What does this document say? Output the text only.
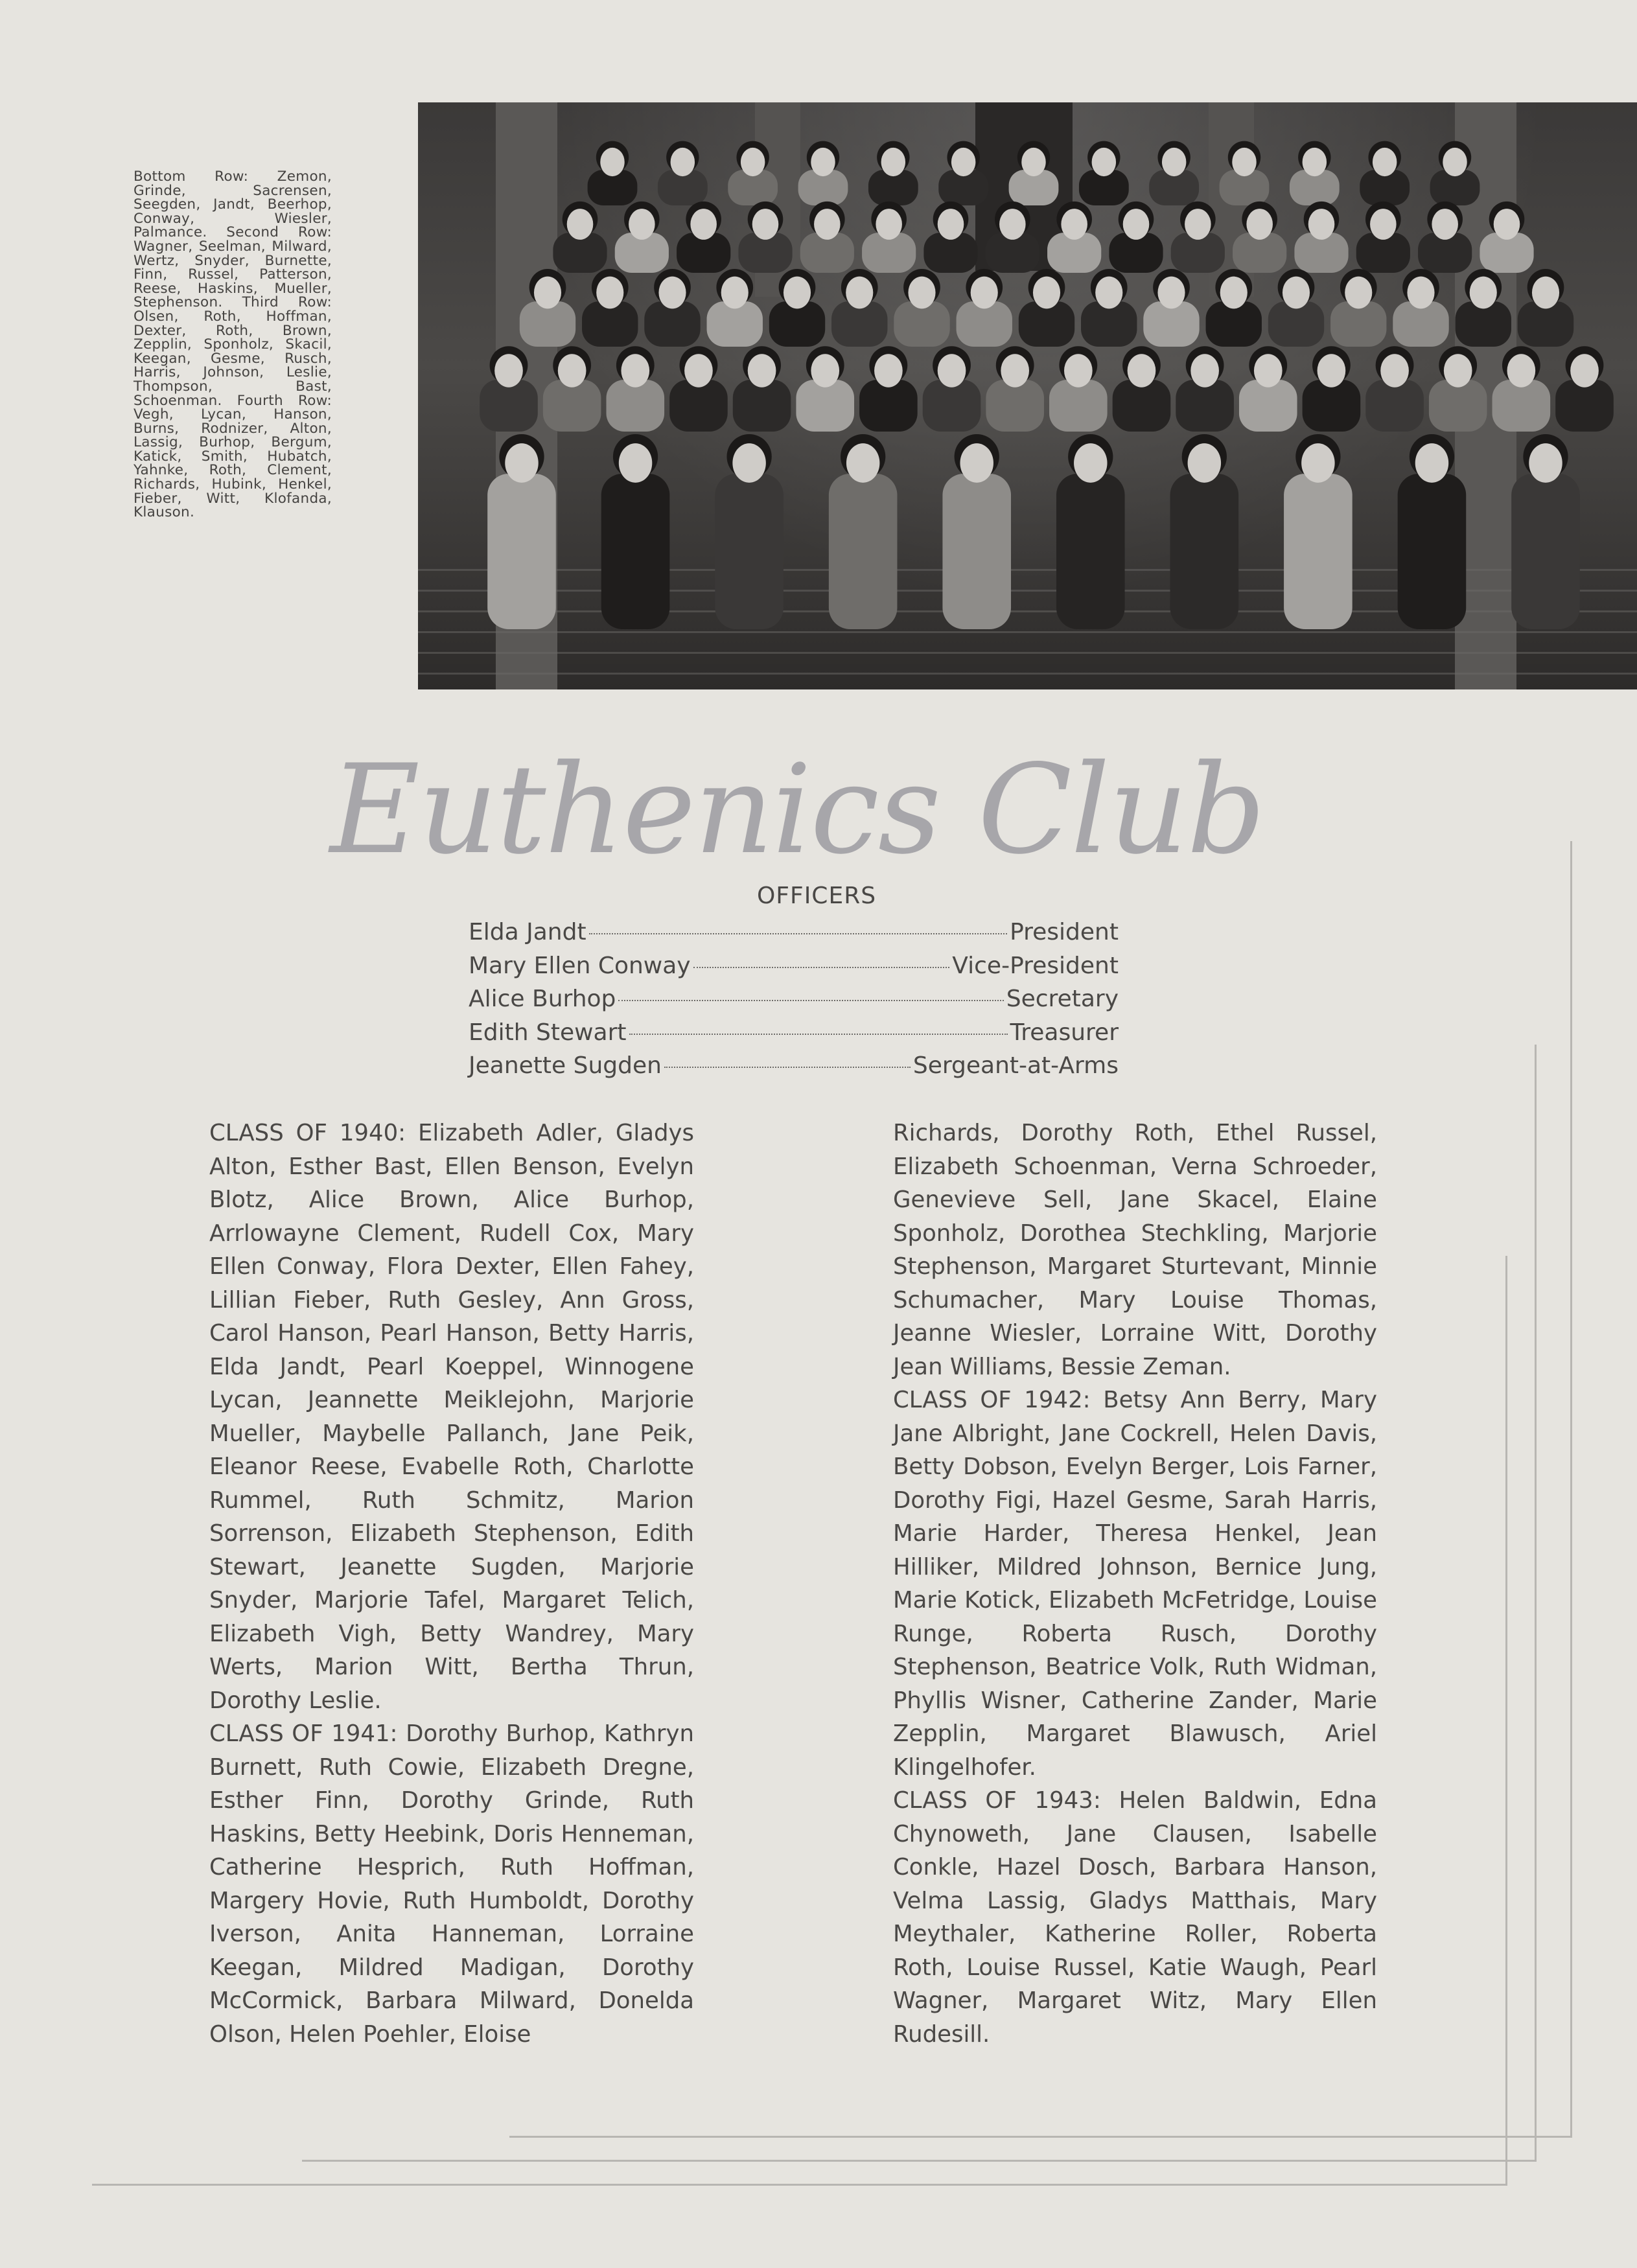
Bottom Row: Zemon, Grinde, Sacrensen, Seegden, Jandt, Beerhop, Conway, Wiesler, Palmance. Second Row: Wagner, Seelman, Milward, Wertz, Snyder, Burnette, Finn, Russel, Patterson, Reese, Haskins, Mueller, Stephenson. Third Row: Olsen, Roth, Hoffman, Dexter, Roth, Brown, Zepplin, Sponholz, Skacil, Keegan, Gesme, Rusch, Harris, Johnson, Leslie, Thompson, Bast, Schoenman. Fourth Row: Vegh, Lycan, Hanson, Burns, Rodnizer, Alton, Lassig, Burhop, Bergum, Katick, Smith, Hubatch, Yahnke, Roth, Clement, Richards, Hubink, Henkel, Fieber, Witt, Klofanda, Klauson.
Euthenics Club
OFFICERS
Elda Jandt	President
Mary Ellen Conway	Vice-President
Alice Burhop	Secretary
Edith Stewart	Treasurer
Jeanette Sugden	Sergeant-at-Arms

CLASS OF 1940: Elizabeth Adler, Gladys Alton, Esther Bast, Ellen Benson, Evelyn Blotz, Alice Brown, Alice Burhop, Arrlowayne Clement, Rudell Cox, Mary Ellen Conway, Flora Dexter, Ellen Fahey, Lillian Fieber, Ruth Gesley, Ann Gross, Carol Hanson, Pearl Hanson, Betty Harris, Elda Jandt, Pearl Koeppel, Winnogene Lycan, Jeannette Meiklejohn, Marjorie Mueller, Maybelle Pallanch, Jane Peik, Eleanor Reese, Evabelle Roth, Charlotte Rummel, Ruth Schmitz, Marion Sorrenson, Elizabeth Stephenson, Edith Stewart, Jeanette Sugden, Marjorie Snyder, Marjorie Tafel, Margaret Telich, Elizabeth Vigh, Betty Wandrey, Mary Werts, Marion Witt, Bertha Thrun, Dorothy Leslie.

CLASS OF 1941: Dorothy Burhop, Kathryn Burnett, Ruth Cowie, Elizabeth Dregne, Esther Finn, Dorothy Grinde, Ruth Haskins, Betty Heebink, Doris Henneman, Catherine Hesprich, Ruth Hoffman, Margery Hovie, Ruth Humboldt, Dorothy Iverson, Anita Hanneman, Lorraine Keegan, Mildred Madigan, Dorothy McCormick, Barbara Milward, Donelda Olson, Helen Poehler, Eloise

Richards, Dorothy Roth, Ethel Russel, Elizabeth Schoenman, Verna Schroeder, Genevieve Sell, Jane Skacel, Elaine Sponholz, Dorothea Stechkling, Marjorie Stephenson, Margaret Sturtevant, Minnie Schumacher, Mary Louise Thomas, Jeanne Wiesler, Lorraine Witt, Dorothy Jean Williams, Bessie Zeman.

CLASS OF 1942: Betsy Ann Berry, Mary Jane Albright, Jane Cockrell, Helen Davis, Betty Dobson, Evelyn Berger, Lois Farner, Dorothy Figi, Hazel Gesme, Sarah Harris, Marie Harder, Theresa Henkel, Jean Hilliker, Mildred Johnson, Bernice Jung, Marie Kotick, Elizabeth McFetridge, Louise Runge, Roberta Rusch, Dorothy Stephenson, Beatrice Volk, Ruth Widman, Phyllis Wisner, Catherine Zander, Marie Zepplin, Margaret Blawusch, Ariel Klingelhofer.

CLASS OF 1943: Helen Baldwin, Edna Chynoweth, Jane Clausen, Isabelle Conkle, Hazel Dosch, Barbara Hanson, Velma Lassig, Gladys Matthais, Mary Meythaler, Katherine Roller, Roberta Roth, Louise Russel, Katie Waugh, Pearl Wagner, Margaret Witz, Mary Ellen Rudesill.
